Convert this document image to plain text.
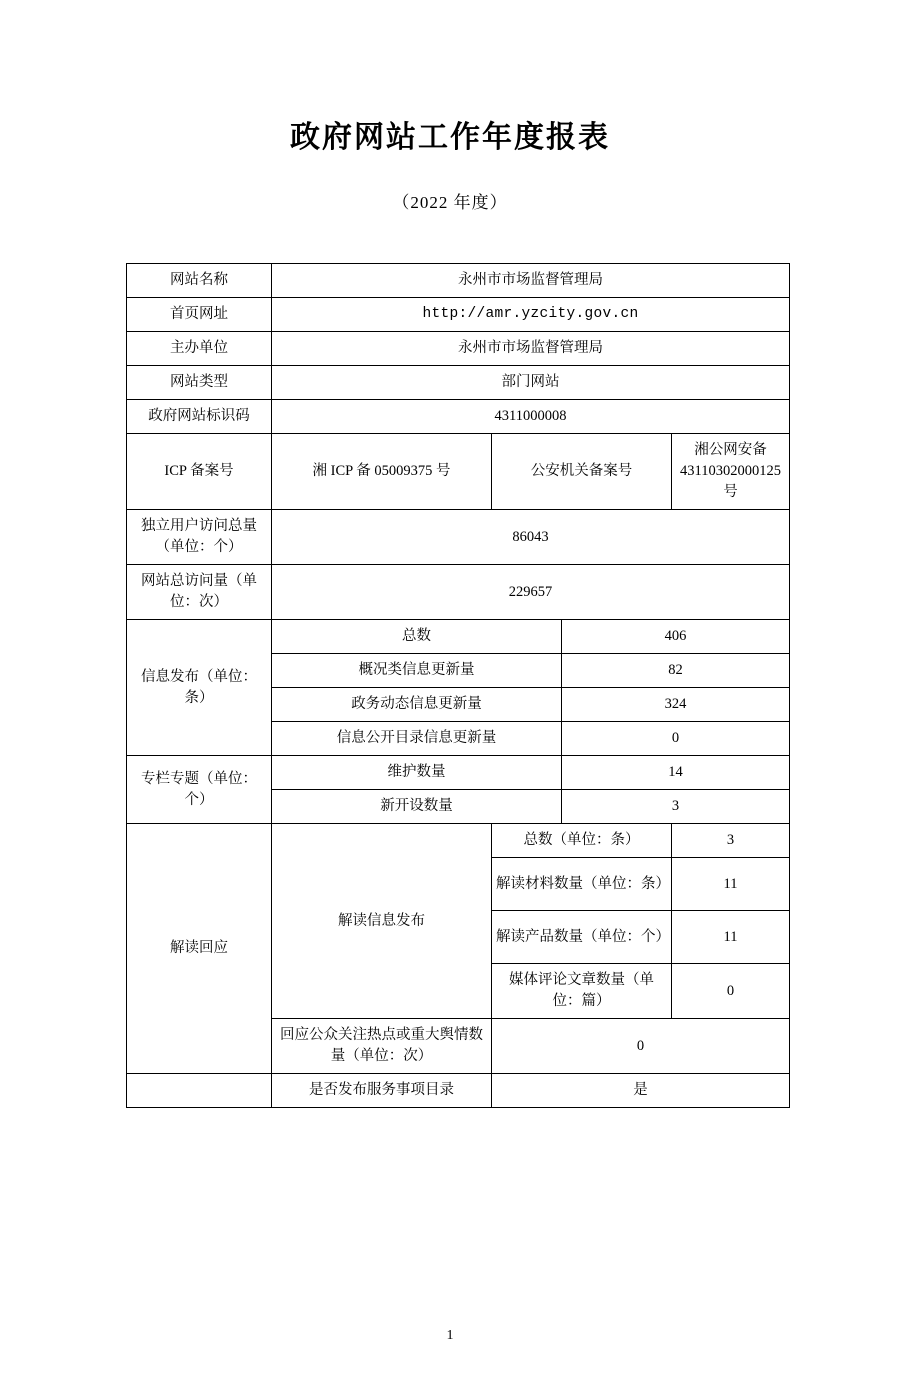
政府网站工作年度报表
（2022 年度）
网站名称	永州市市场监督管理局			
首页网址	http://amr.yzcity.gov.cn			
主办单位	永州市市场监督管理局			
网站类型	部门网站			
政府网站标识码	4311000008			
ICP 备案号	湘 ICP 备 05009375 号	公安机关备案号		湘公网安备 43110302000125 号
独立用户访问总量（单位：个）	86043			
网站总访问量（单位：次）	229657			
信息发布（单位：条）	总数		406	
	概况类信息更新量		82	
	政务动态信息更新量		324	
	信息公开目录信息更新量		0	
专栏专题（单位：个）	维护数量		14	
	新开设数量		3	
解读回应	解读信息发布	总数（单位：条）		3
		解读材料数量（单位：条）		11
		解读产品数量（单位：个）		11
		媒体评论文章数量（单位：篇）		0
	回应公众关注热点或重大舆情数量（单位：次）	0		
	是否发布服务事项目录	是		
1
